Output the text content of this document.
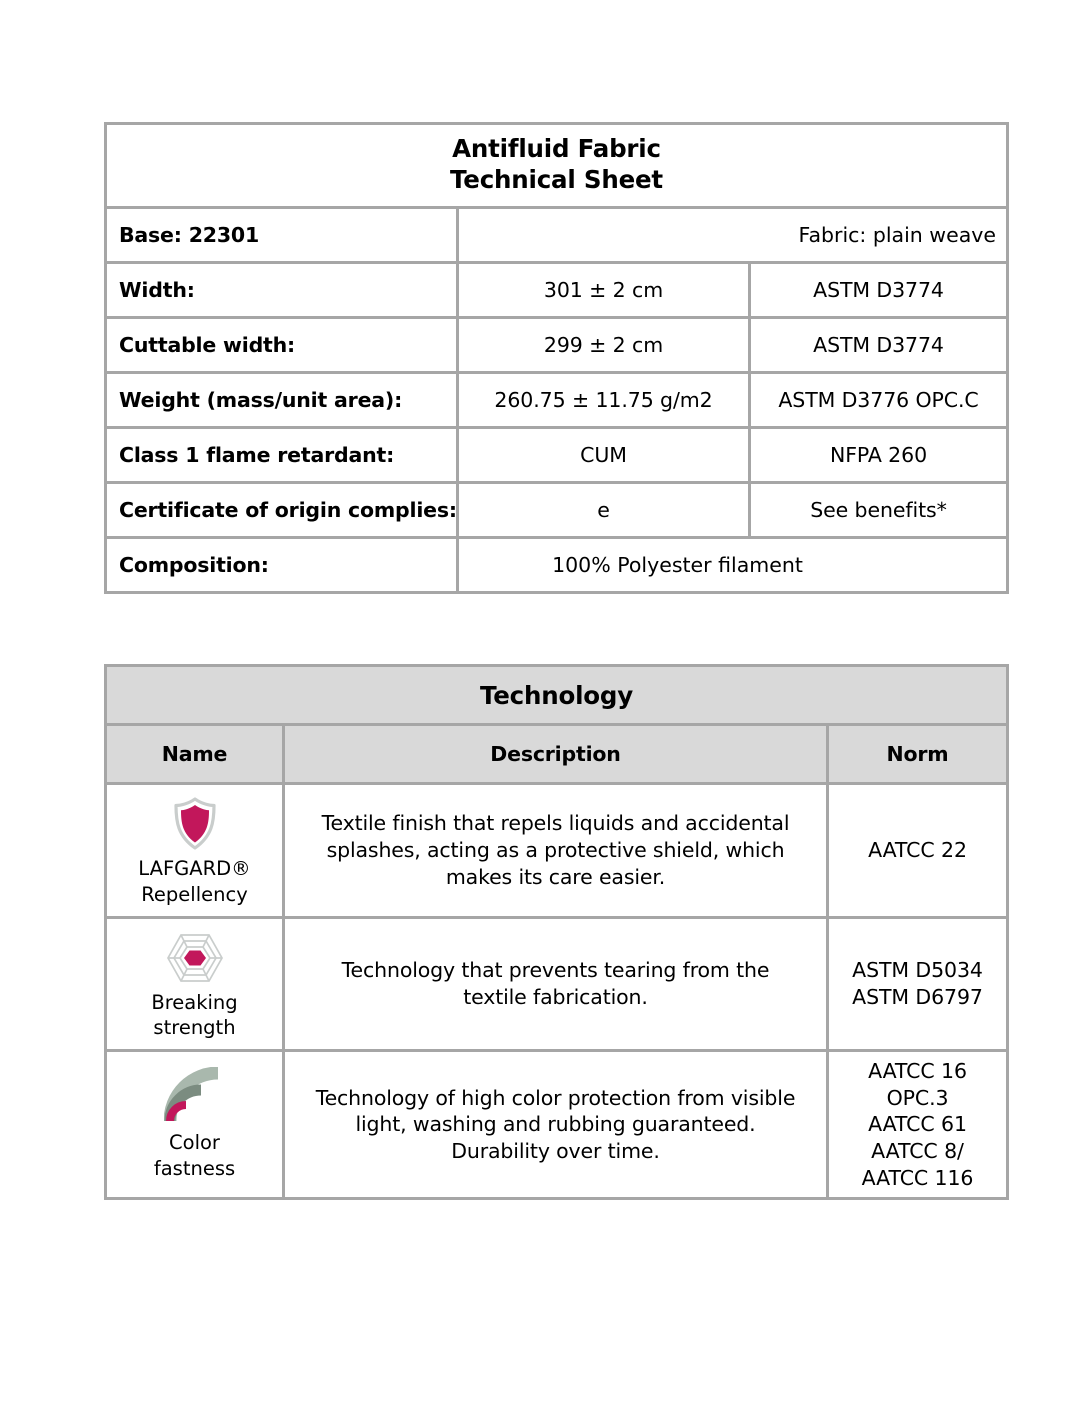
Antifluid Fabric
Technical Sheet		

Base: 22301	Fabric: plain weave	
Width:	301 ± 2 cm	ASTM D3774
Cuttable width:	299 ± 2 cm	ASTM D3774
Weight (mass/unit area):	260.75 ± 11.75 g/m2	ASTM D3776 OPC.C
Class 1 flame retardant:	CUM	NFPA 260
Certificate of origin complies:	e	See benefits*
Composition:	100% Polyester filament	
Technology		
Name	Description	Norm

LAFGARD®
Repellency	Textile finish that repels liquids and accidental
splashes, acting as a protective shield, which
makes its care easier.	AATCC 22

Breaking
strength	Technology that prevents tearing from the
textile fabrication.	ASTM D5034
ASTM D6797

Color
fastness	Technology of high color protection from visible
light, washing and rubbing guaranteed.
Durability over time.	AATCC 16
OPC.3
AATCC 61
AATCC 8/
AATCC 116
